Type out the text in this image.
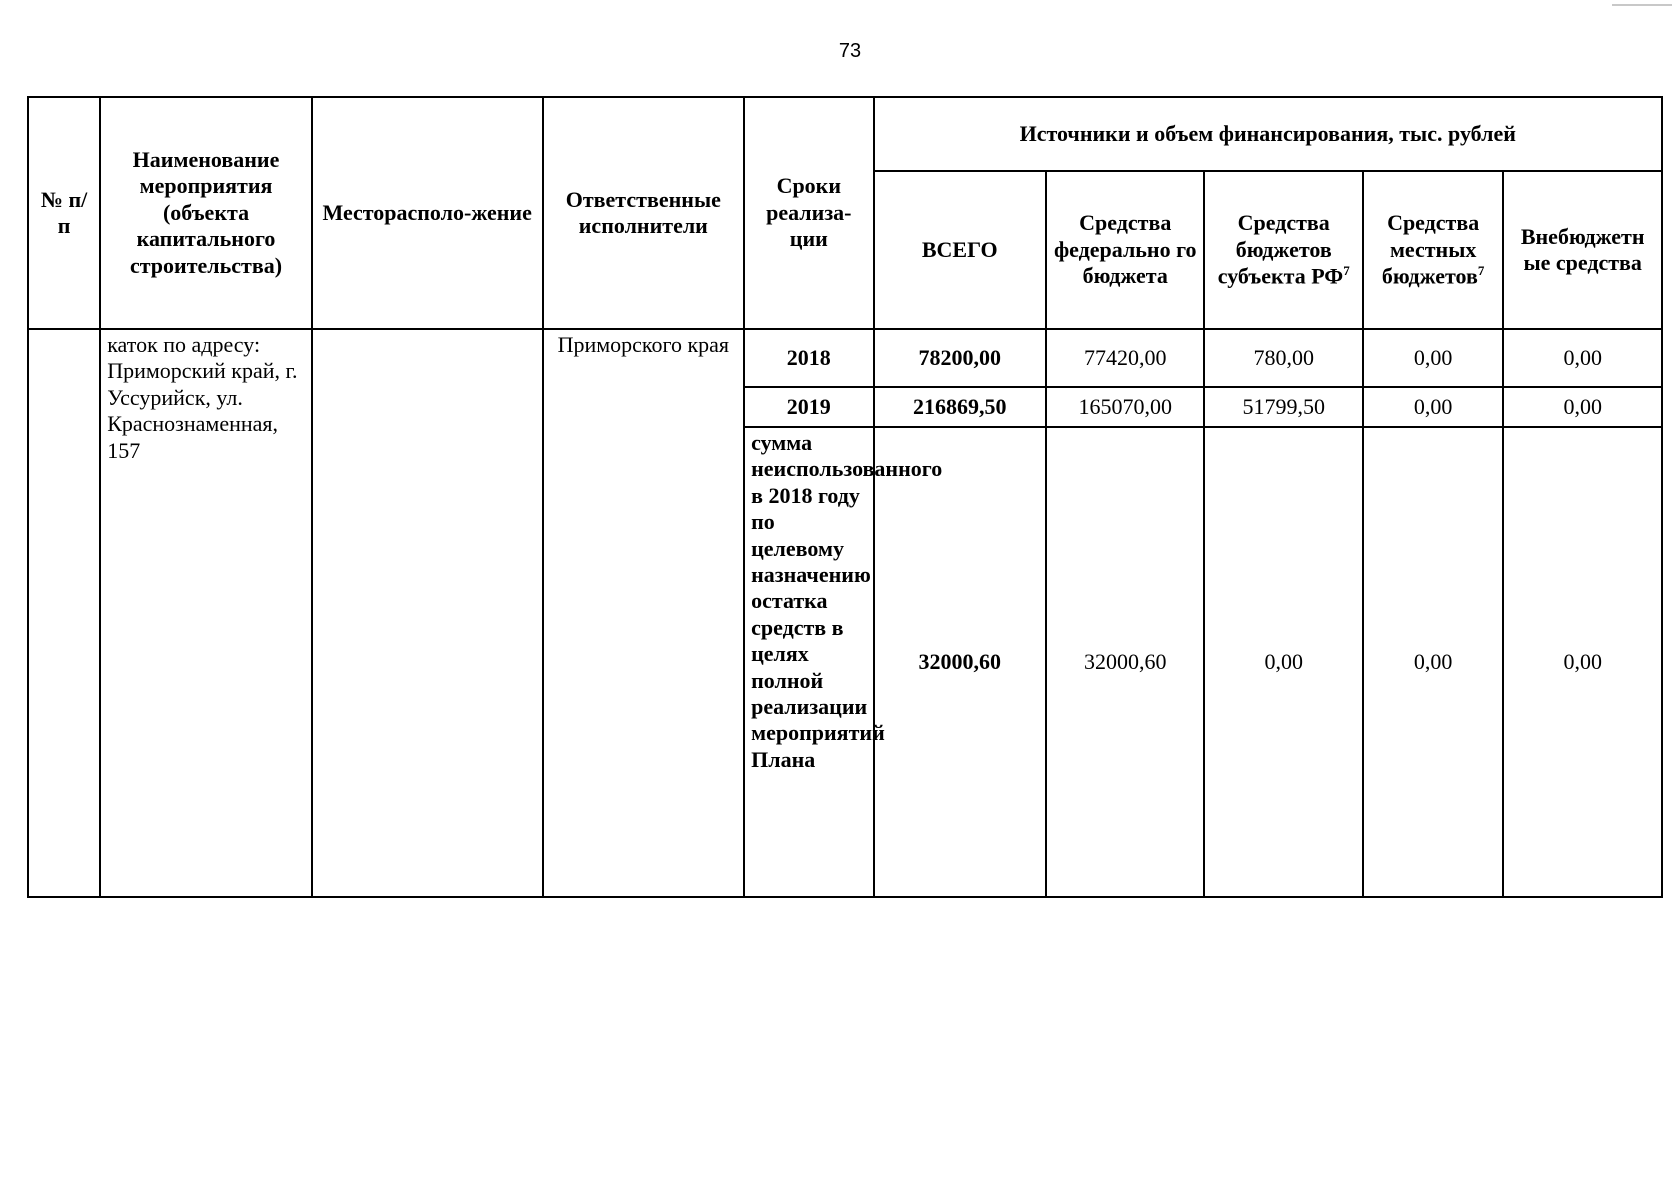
73
№ п/п	Наименование мероприятия (объекта капитального строительства)	Месторасполо-жение	Ответственные исполнители	Сроки реализа-ции	Источники и объем финансирования, тыс. рублей				
					ВСЕГО	Средства федерально го бюджета	Средства бюджетов субъекта $РФ^7$	Средства местных бюджетов$^7$	Внебюджетн ые средства
	каток по адресу: Приморский край, г. Уссурийск, ул. Краснознаменная, 157		Приморского края	2018	78200,00	77420,00	780,00	0,00	0,00
				2019	216869,50	165070,00	51799,50	0,00	0,00
				сумма неиспользованного в 2018 году по целевому назначению остатка средств в целях полной реализации мероприятий Плана	32000,60	32000,60	0,00	0,00	0,00
